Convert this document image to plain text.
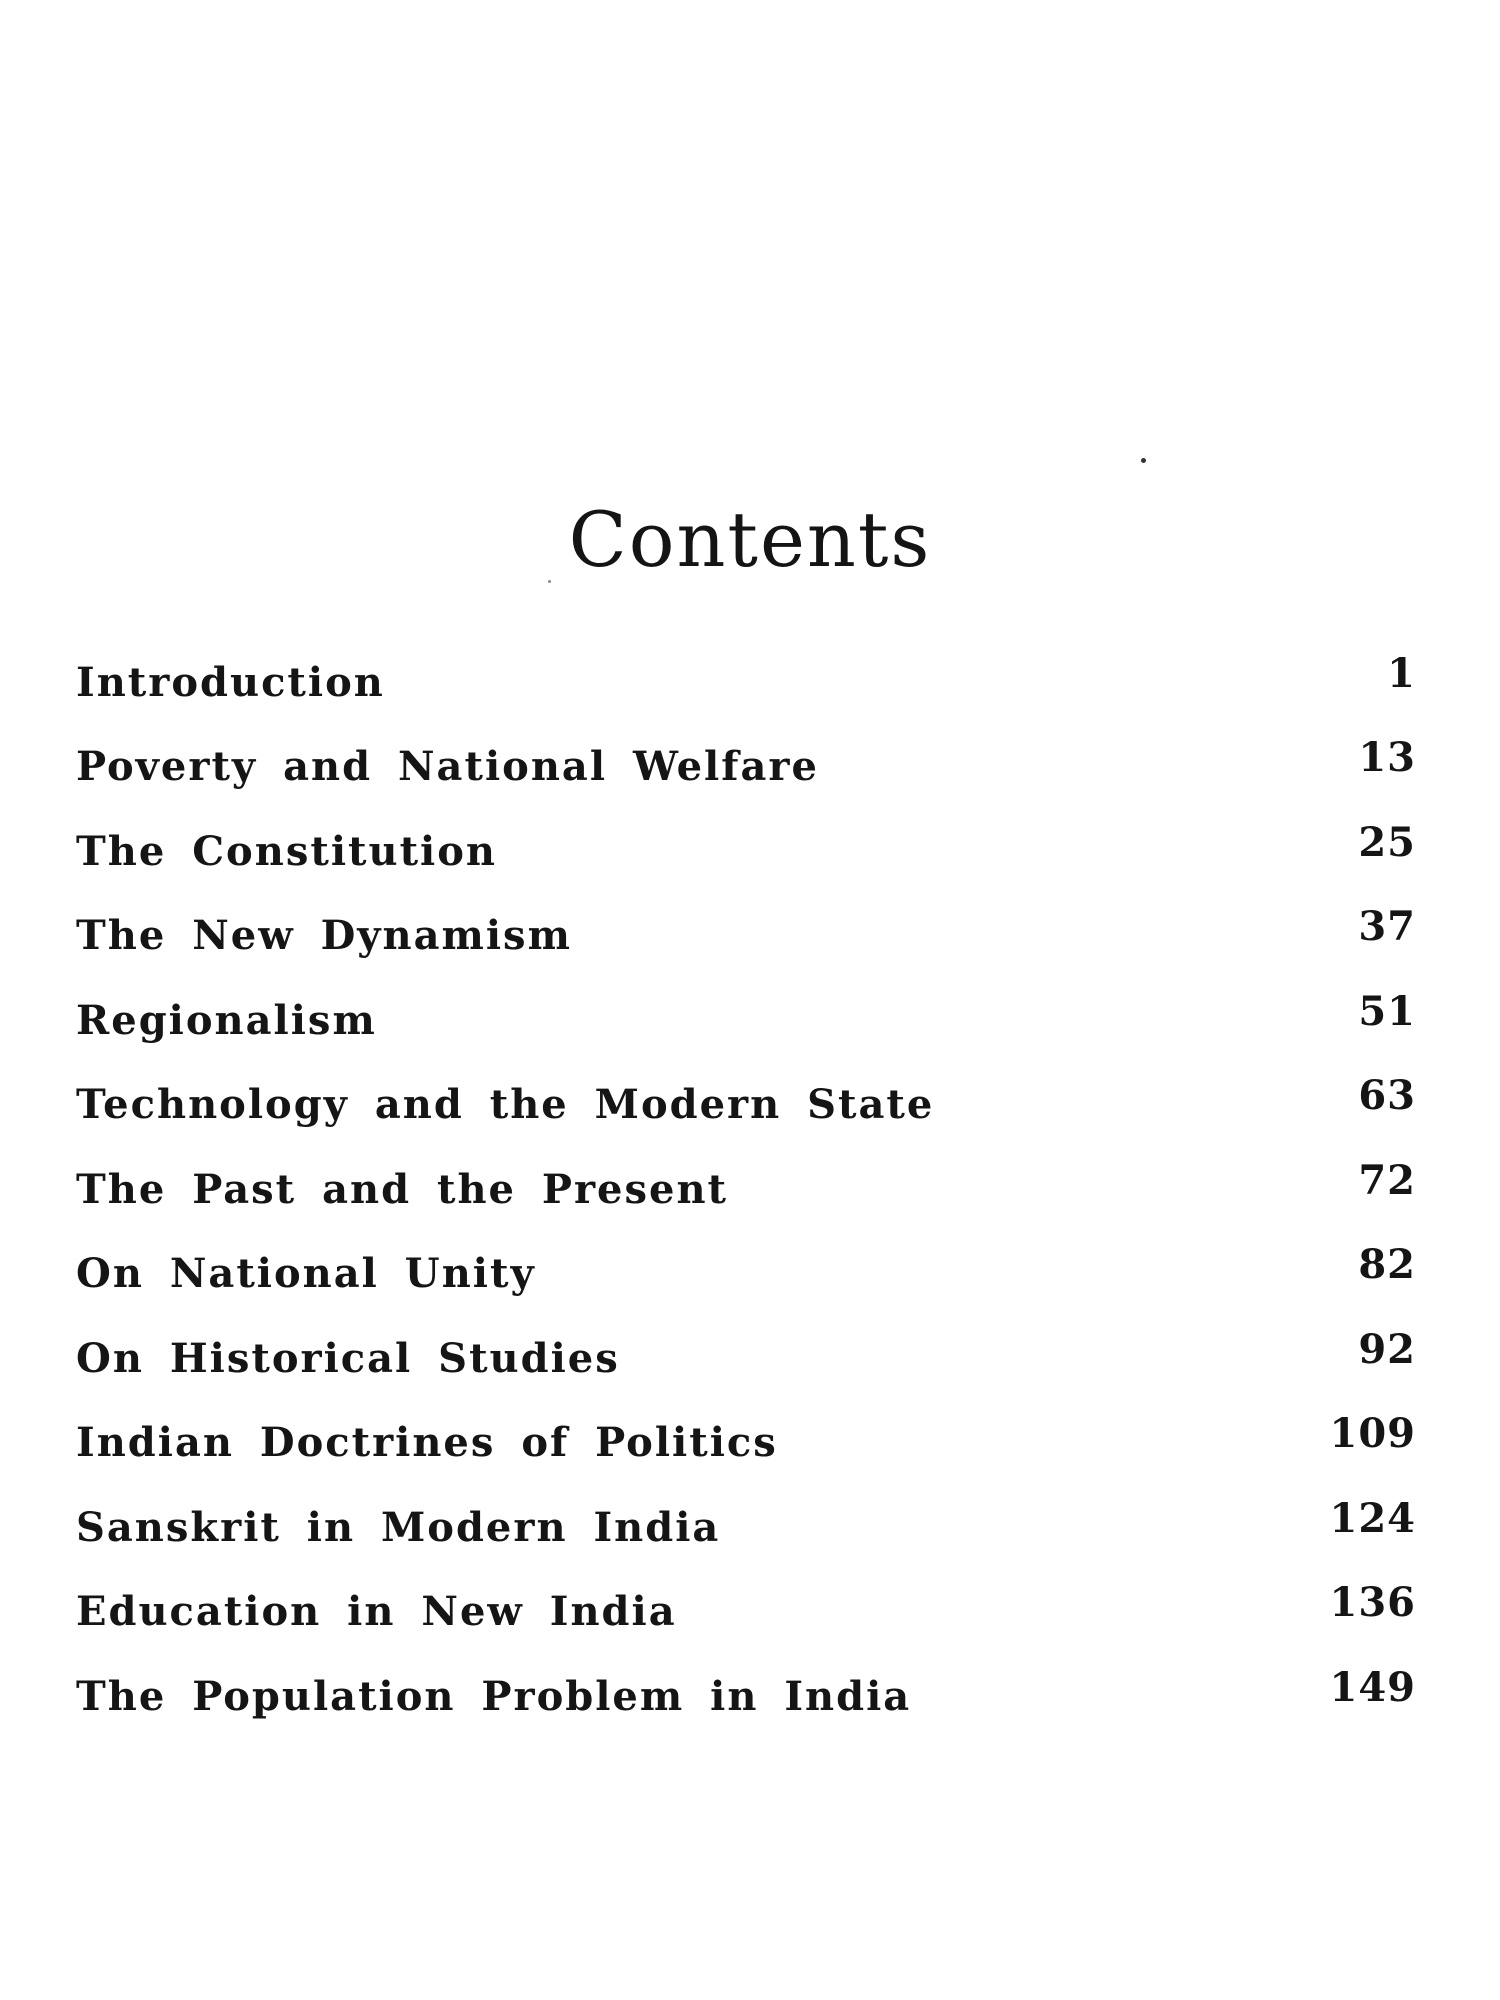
Contents
Introduction	1
Poverty and National Welfare	13
The Constitution	25
The New Dynamism	37
Regionalism	51
Technology and the Modern State	63
The Past and the Present	72
On National Unity	82
On Historical Studies	92
Indian Doctrines of Politics	109
Sanskrit in Modern India	124
Education in New India	136
The Population Problem in India	149
